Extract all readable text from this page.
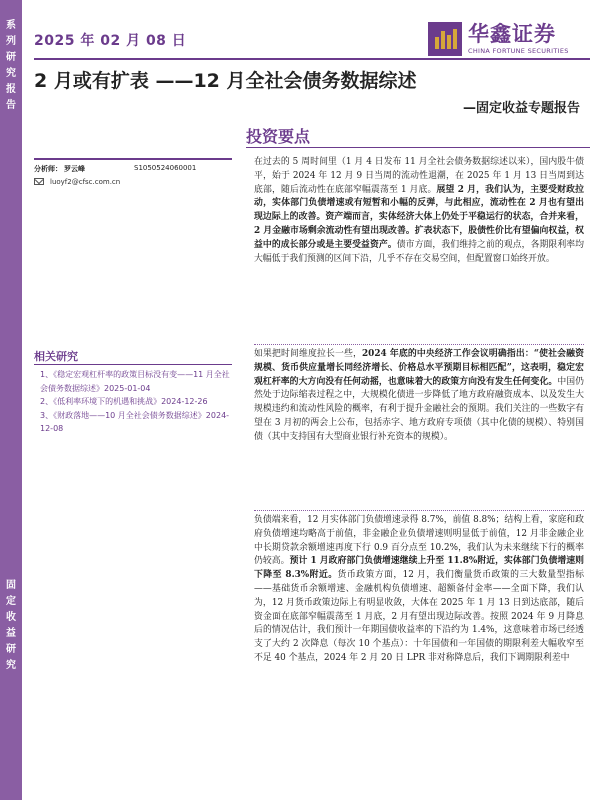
系
列
研
究
报
告
固
定
收
益
研
究
2025 年 02 月 08 日	华鑫证券
CHINA FORTUNE SECURITIES
2 月或有扩表 ——12 月全社会债务数据综述
—固定收益专题报告
投资要点
分析师： 罗云峰	S1050524060001
luoyf2@cfsc.com.cn
相关研究
1、《稳定宏观杠杆率的政策目标没有变——11 月全社会债务数据综述》2025-01-04
2、《低利率环境下的机遇和挑战》2024-12-26
3、《财政落地——10 月全社会债务数据综述》2024-12-08

在过去的 5 周时间里（1 月 4 日发布 11 月全社会债务数据综述以来），国内股牛债平，始于 2024 年 12 月 9 日当周的流动性退潮，在 2025 年 1 月 13 日当周到达底部，随后流动性在底部窄幅震荡至 1 月底。展望 2 月，我们认为，主要受财政拉动，实体部门负债增速或有短暂和小幅的反弹，与此相应，流动性在 2 月也有望出现边际上的改善。资产端而言，实体经济大体上仍处于平稳运行的状态，合并来看，2 月金融市场剩余流动性有望出现改善。扩表状态下，股债性价比有望偏向权益，权益中的成长部分或是主要受益资产。债市方面，我们维持之前的观点，各期限利率均大幅低于我们预测的区间下沿，几乎不存在交易空间，但配置窗口始终开放。

如果把时间维度拉长一些，2024 年底的中央经济工作会议明确指出：“使社会融资规模、货币供应量增长同经济增长、价格总水平预期目标相匹配”，这表明，稳定宏观杠杆率的大方向没有任何动摇，也意味着大的政策方向没有发生任何变化。中国仍然处于边际缩表过程之中，大规模化债进一步降低了地方政府融资成本、以及发生大规模违约和流动性风险的概率，有利于提升金融社会的预期。我们关注的一些数字有望在 3 月初的两会上公布，包括赤字、地方政府专项债（其中化债的规模）、特别国债（其中支持国有大型商业银行补充资本的规模）。

负债端来看，12 月实体部门负债增速录得 8.7%，前值 8.8%；结构上看，家庭和政府负债增速均略高于前值，非金融企业负债增速则明显低于前值，12 月非金融企业中长期贷款余额增速再度下行 0.9 百分点至 10.2%，我们认为未来继续下行的概率仍较高。预计 1 月政府部门负债增速继续上升至 11.8%附近，实体部门负债增速则下降至 8.3%附近。货币政策方面，12 月，我们衡量货币政策的三大数量型指标——基础货币余额增速、金融机构负债增速、超额备付金率——全面下降，我们认为，12 月货币政策边际上有明显收敛，大体在 2025 年 1 月 13 日到达底部，随后资金面在底部窄幅震荡至 1 月底，2 月有望出现边际改善。按照 2024 年 9 月降息后的情况估计，我们预计一年期国债收益率的下沿约为 1.4%，这意味着市场已经透支了大约 2 次降息（每次 10 个基点）：十年国债和一年国债的期限利差大幅收窄至不足 40 个基点，2024 年 2 月 20 日 LPR 非对称降息后，我们下调期限利差中
